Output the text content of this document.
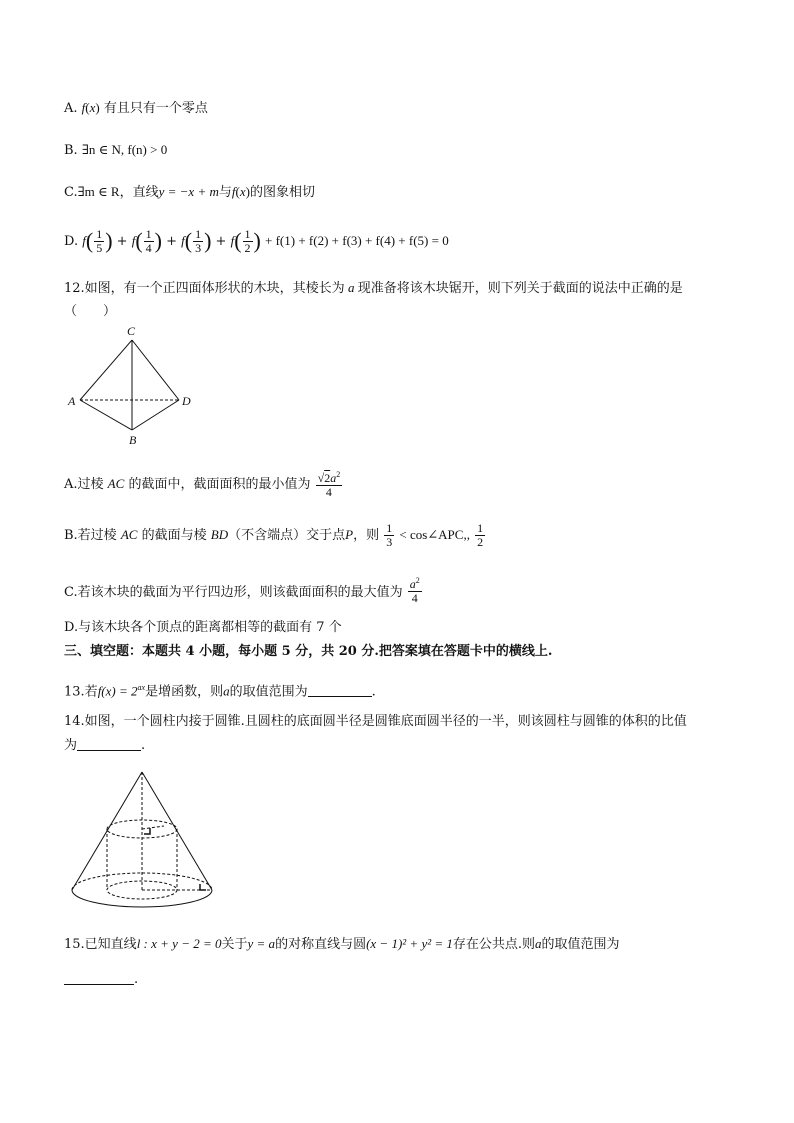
A. f(x) 有且只有一个零点
B. ∃n ∈ N, f(n) > 0
C.∃m ∈ R，直线y = −x + m与f(x)的图象相切
D. $f( \frac{1}{5}$ ) + $f( \frac{1}{4}$ ) + $f( \frac{1}{3}$ ) + $f( \frac{1}{2}$ ) + f(1) + f(2) + f(3) + f(4) + f(5) = 0
12.如图，有一个正四面体形状的木块，其棱长为 a 现准备将该木块锯开，则下列关于截面的说法中正确的是
（　　）
C
A	D
B
A.过棱 AC 的截面中，截面面积的最小值为 $\frac{√2a^2}{4}$
B.若过棱 AC 的截面与棱 BD（不含端点）交于点P，则 $\frac{1}{3}$ < cos∠APC,, $\frac{1}{2}$
C.若该木块的截面为平行四边形，则该截面面积的最大值为 $\frac{a^2}{4}$
D.与该木块各个顶点的距离都相等的截面有 7 个
三、填空题：本题共 4 小题，每小题 5 分，共 20 分.把答案填在答题卡中的横线上.
13.若$f(x) = 2^{ax}$是增函数，则a的取值范围为	.
14.如图，一个圆柱内接于圆锥.且圆柱的底面圆半径是圆锥底面圆半径的一半，则该圆柱与圆锥的体积的比值
为	.
15.已知直线l : x + y − 2 = 0关于y = a的对称直线与圆(x − 1)² + y² = 1存在公共点.则a的取值范围为
.
